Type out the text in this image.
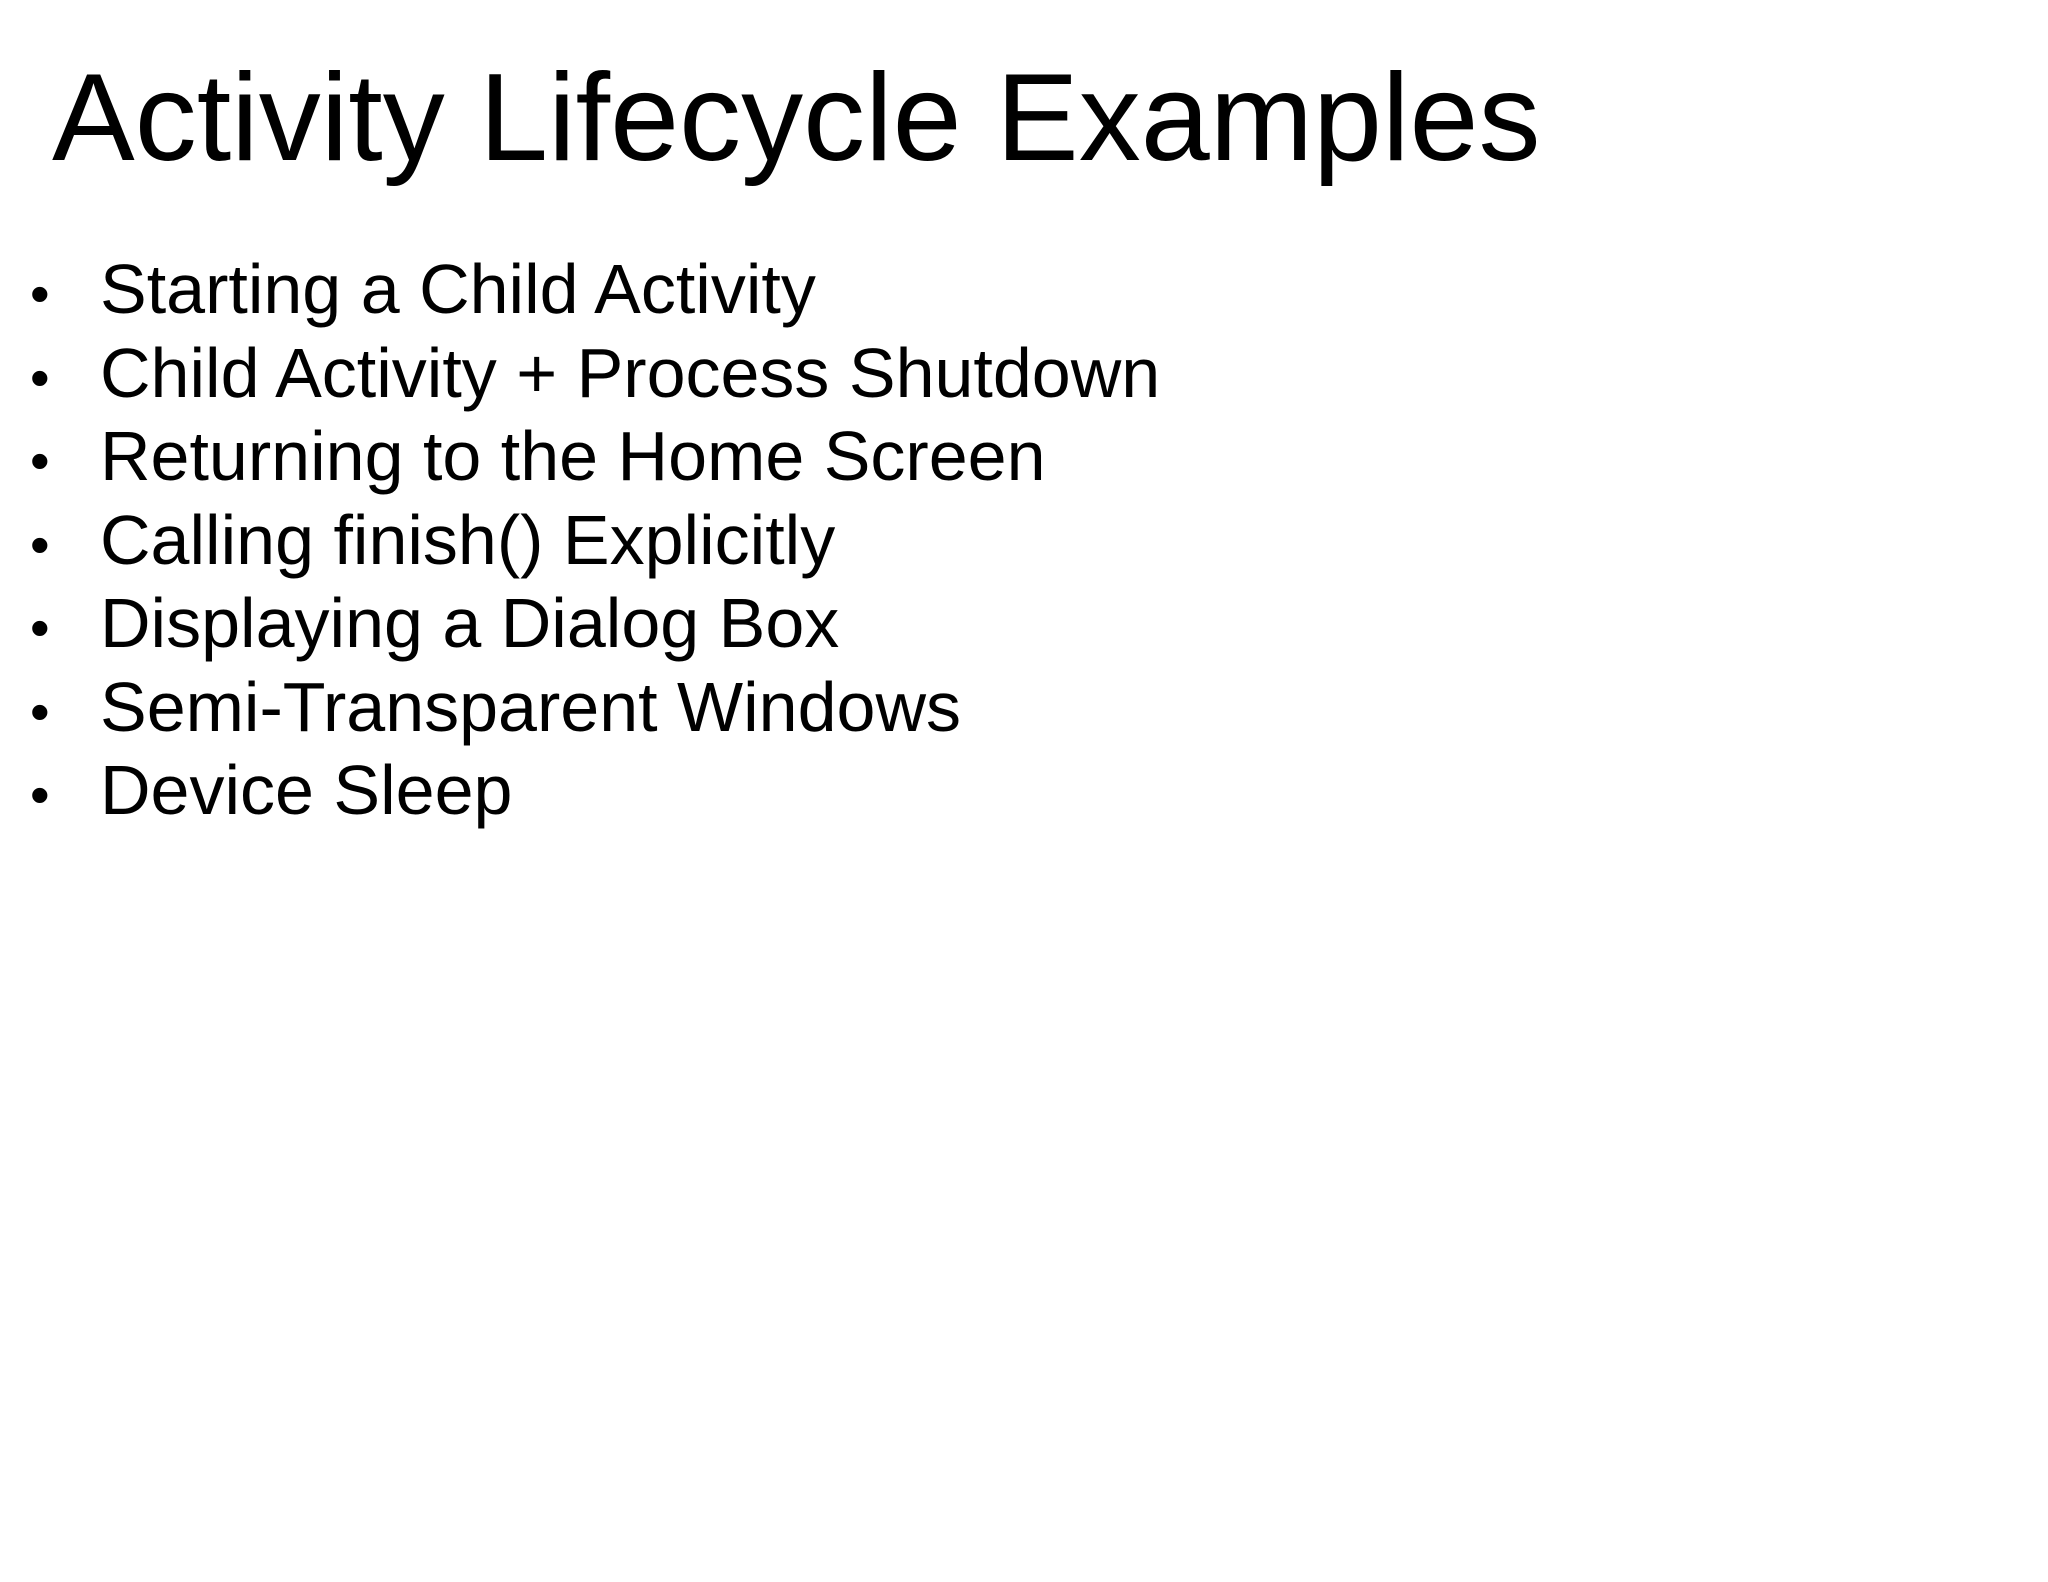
Activity Lifecycle Examples
• Starting a Child Activity
• Child Activity + Process Shutdown
• Returning to the Home Screen
• Calling finish() Explicitly
• Displaying a Dialog Box
• Semi-Transparent Windows
• Device Sleep
